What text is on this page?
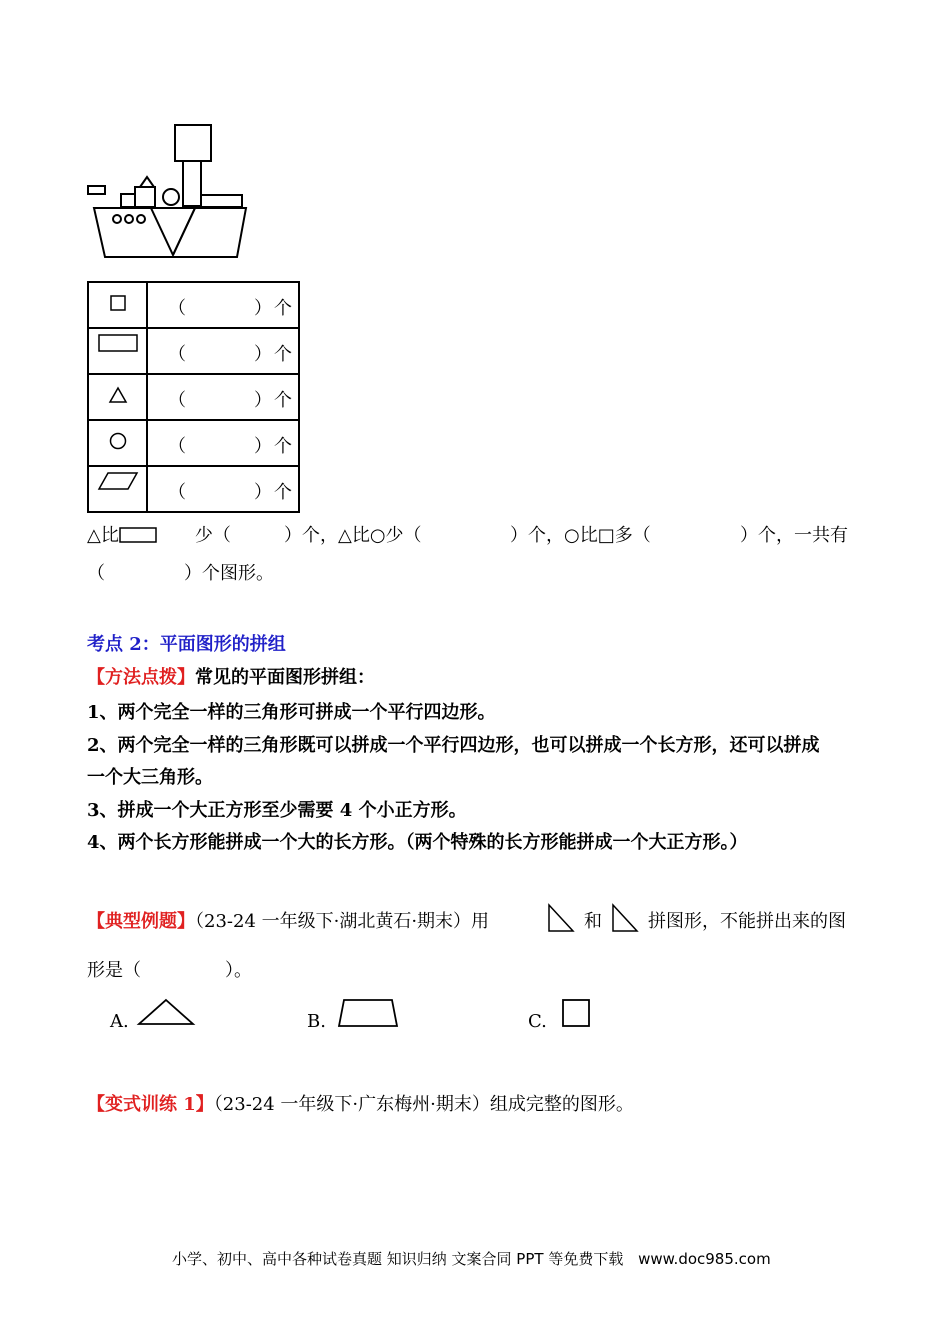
（ ） 个

（ ） 个

（ ） 个

（ ） 个

（ ） 个
△比	少（	）个，△比○少（	）个，○比□多（	）个，一共有
（	）个图形。
考点 2：平面图形的拼组
【方法点拨】常见的平面图形拼组：
1、两个完全一样的三角形可拼成一个平行四边形。
2、两个完全一样的三角形既可以拼成一个平行四边形，也可以拼成一个长方形，还可以拼成
一个大三角形。
3、拼成一个大正方形至少需要 4 个小正方形。
4、两个长方形能拼成一个大的长方形。（两个特殊的长方形能拼成一个大正方形。）
【典型例题】（23-24 一年级下·湖北黄石·期末）用	和	拼图形，不能拼出来的图
形是（	）。
A.	B.	C.
【变式训练 1】（23-24 一年级下·广东梅州·期末）组成完整的图形。
小学、初中、高中各种试卷真题 知识归纳 文案合同 PPT 等免费下载 www.doc985.com
